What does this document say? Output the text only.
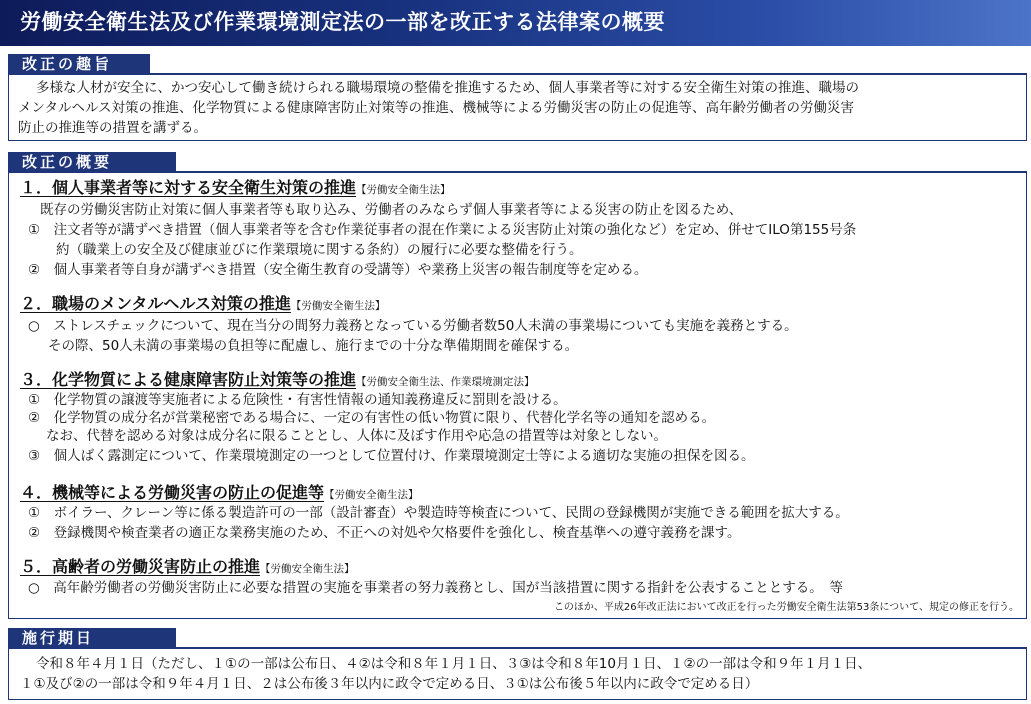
労働安全衛生法及び作業環境測定法の一部を改正する法律案の概要
改正の趣旨
多様な人材が安全に、かつ安心して働き続けられる職場環境の整備を推進するため、個人事業者等に対する安全衛生対策の推進、職場の
メンタルヘルス対策の推進、化学物質による健康障害防止対策等の推進、機械等による労働災害の防止の促進等、高年齢労働者の労働災害
防止の推進等の措置を講ずる。
改正の概要
１．個人事業者等に対する安全衛生対策の推進【労働安全衛生法】
既存の労働災害防止対策に個人事業者等も取り込み、労働者のみならず個人事業者等による災害の防止を図るため、
①　注文者等が講ずべき措置（個人事業者等を含む作業従事者の混在作業による災害防止対策の強化など）を定め、併せてILO第155号条
約（職業上の安全及び健康並びに作業環境に関する条約）の履行に必要な整備を行う。
②　個人事業者等自身が講ずべき措置（安全衛生教育の受講等）や業務上災害の報告制度等を定める。
２．職場のメンタルヘルス対策の推進【労働安全衛生法】
○　ストレスチェックについて、現在当分の間努力義務となっている労働者数50人未満の事業場についても実施を義務とする。
その際、50人未満の事業場の負担等に配慮し、施行までの十分な準備期間を確保する。
３．化学物質による健康障害防止対策等の推進【労働安全衛生法、作業環境測定法】
①　化学物質の譲渡等実施者による危険性・有害性情報の通知義務違反に罰則を設ける。
②　化学物質の成分名が営業秘密である場合に、一定の有害性の低い物質に限り、代替化学名等の通知を認める。
なお、代替を認める対象は成分名に限ることとし、人体に及ぼす作用や応急の措置等は対象としない。
③　個人ばく露測定について、作業環境測定の一つとして位置付け、作業環境測定士等による適切な実施の担保を図る。
４．機械等による労働災害の防止の促進等【労働安全衛生法】
①　ボイラー、クレーン等に係る製造許可の一部（設計審査）や製造時等検査について、民間の登録機関が実施できる範囲を拡大する。
②　登録機関や検査業者の適正な業務実施のため、不正への対処や欠格要件を強化し、検査基準への遵守義務を課す。
５．高齢者の労働災害防止の推進【労働安全衛生法】
○　高年齢労働者の労働災害防止に必要な措置の実施を事業者の努力義務とし、国が当該措置に関する指針を公表することとする。　等
このほか、平成26年改正法において改正を行った労働安全衛生法第53条について、規定の修正を行う。
施行期日
令和８年４月１日（ただし、１①の一部は公布日、４②は令和８年１月１日、３③は令和８年10月１日、１②の一部は令和９年１月１日、
１①及び②の一部は令和９年４月１日、２は公布後３年以内に政令で定める日、３①は公布後５年以内に政令で定める日）
